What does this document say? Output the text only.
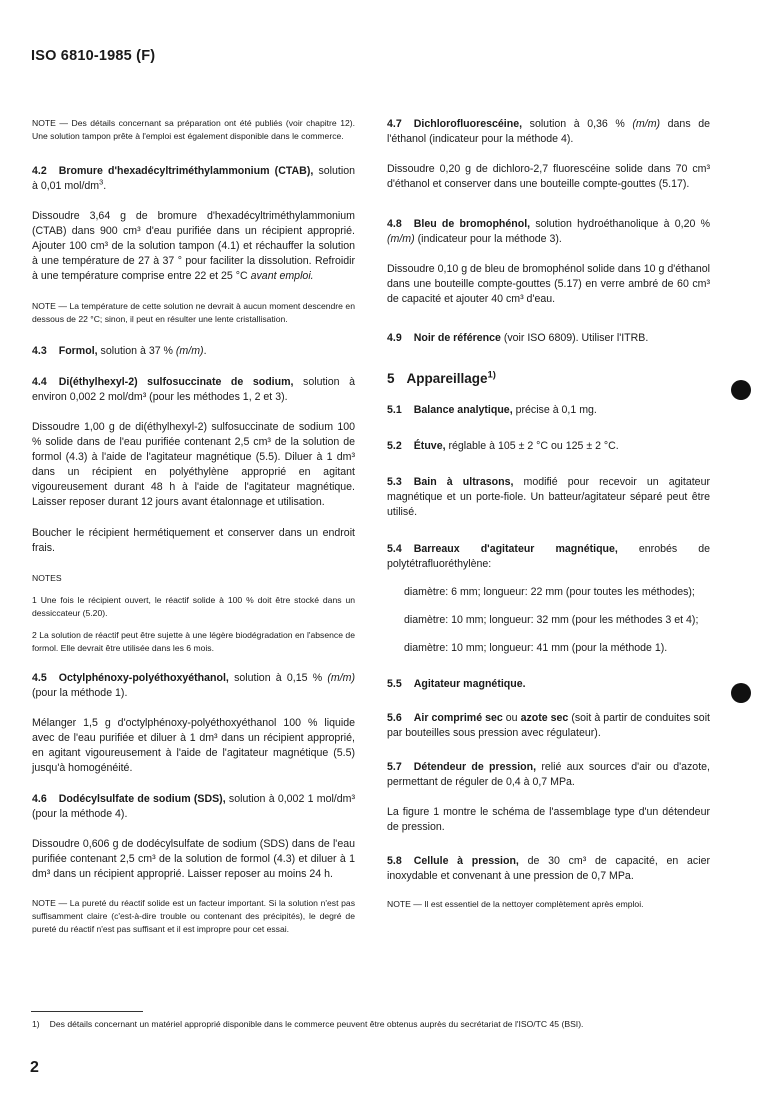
ISO 6810-1985 (F)

NOTE — Des détails concernant sa préparation ont été publiés (voir chapitre 12). Une solution tampon prête à l'emploi est également disponible dans le commerce.

4.2 Bromure d'hexadécyltriméthylammonium (CTAB), solution à 0,01 mol/$dm^3$.

Dissoudre 3,64 g de bromure d'hexadécyltriméthylammonium (CTAB) dans 900 cm³ d'eau purifiée dans un récipient approprié. Ajouter 100 cm³ de la solution tampon (4.1) et réchauffer la solution à une température de 27 à 37 ° pour faciliter la dissolution. Refroidir à une température comprise entre 22 et 25 °C avant emploi.

NOTE — La température de cette solution ne devrait à aucun moment descendre en dessous de 22 °C; sinon, il peut en résulter une lente cristallisation.

4.3 Formol, solution à 37 % (m/m).

4.4 Di(éthylhexyl-2) sulfosuccinate de sodium, solution à environ 0,002 2 mol/dm³ (pour les méthodes 1, 2 et 3).

Dissoudre 1,00 g de di(éthylhexyl-2) sulfosuccinate de sodium 100 % solide dans de l'eau purifiée contenant 2,5 cm³ de la solution de formol (4.3) à l'aide de l'agitateur magnétique (5.5). Diluer à 1 dm³ dans un récipient en polyéthylène approprié en agitant vigoureusement durant 48 h à l'aide de l'agitateur magnétique. Laisser reposer durant 12 jours avant étalonnage et utilisation.

Boucher le récipient hermétiquement et conserver dans un endroit frais.

NOTES

1 Une fois le récipient ouvert, le réactif solide à 100 % doit être stocké dans un dessiccateur (5.20).

2 La solution de réactif peut être sujette à une légère biodégradation en l'absence de formol. Elle devrait être utilisée dans les 6 mois.

4.5 Octylphénoxy-polyéthoxyéthanol, solution à 0,15 % (m/m) (pour la méthode 1).

Mélanger 1,5 g d'octylphénoxy-polyéthoxyéthanol 100 % liquide avec de l'eau purifiée et diluer à 1 dm³ dans un récipient approprié, en agitant vigoureusement à l'aide de l'agitateur magnétique (5.5) jusqu'à homogénéité.

4.6 Dodécylsulfate de sodium (SDS), solution à 0,002 1 mol/dm³ (pour la méthode 4).

Dissoudre 0,606 g de dodécylsulfate de sodium (SDS) dans de l'eau purifiée contenant 2,5 cm³ de la solution de formol (4.3) et diluer à 1 dm³ dans un récipient approprié. Laisser reposer au moins 24 h.

NOTE — La pureté du réactif solide est un facteur important. Si la solution n'est pas suffisamment claire (c'est-à-dire trouble ou contenant des précipités), le degré de pureté du réactif n'est pas suffisant et il est impropre pour cet essai.

4.7 Dichlorofluorescéine, solution à 0,36 % (m/m) dans de l'éthanol (indicateur pour la méthode 4).

Dissoudre 0,20 g de dichloro-2,7 fluorescéine solide dans 70 cm³ d'éthanol et conserver dans une bouteille compte-gouttes (5.17).

4.8 Bleu de bromophénol, solution hydroéthanolique à 0,20 % (m/m) (indicateur pour la méthode 3).

Dissoudre 0,10 g de bleu de bromophénol solide dans 10 g d'éthanol dans une bouteille compte-gouttes (5.17) en verre ambré de 60 cm³ de capacité et ajouter 40 cm³ d'eau.

4.9 Noir de référence (voir ISO 6809). Utiliser l'ITRB.

5 Appareillage$^{1)}$

5.1 Balance analytique, précise à 0,1 mg.

5.2 Étuve, réglable à 105 ± 2 °C ou 125 ± 2 °C.

5.3 Bain à ultrasons, modifié pour recevoir un agitateur magnétique et un porte-fiole. Un batteur/agitateur séparé peut être utilisé.

5.4 Barreaux d'agitateur magnétique, enrobés de polytétrafluoréthylène:

diamètre: 6 mm; longueur: 22 mm (pour toutes les méthodes);

diamètre: 10 mm; longueur: 32 mm (pour les méthodes 3 et 4);

diamètre: 10 mm; longueur: 41 mm (pour la méthode 1).

5.5 Agitateur magnétique.

5.6 Air comprimé sec ou azote sec (soit à partir de conduites soit par bouteilles sous pression avec régulateur).

5.7 Détendeur de pression, relié aux sources d'air ou d'azote, permettant de réguler de 0,4 à 0,7 MPa.

La figure 1 montre le schéma de l'assemblage type d'un détendeur de pression.

5.8 Cellule à pression, de 30 cm³ de capacité, en acier inoxydable et convenant à une pression de 0,7 MPa.

NOTE — Il est essentiel de la nettoyer complètement après emploi.

1) Des détails concernant un matériel approprié disponible dans le commerce peuvent être obtenus auprès du secrétariat de l'ISO/TC 45 (BSI).
2
